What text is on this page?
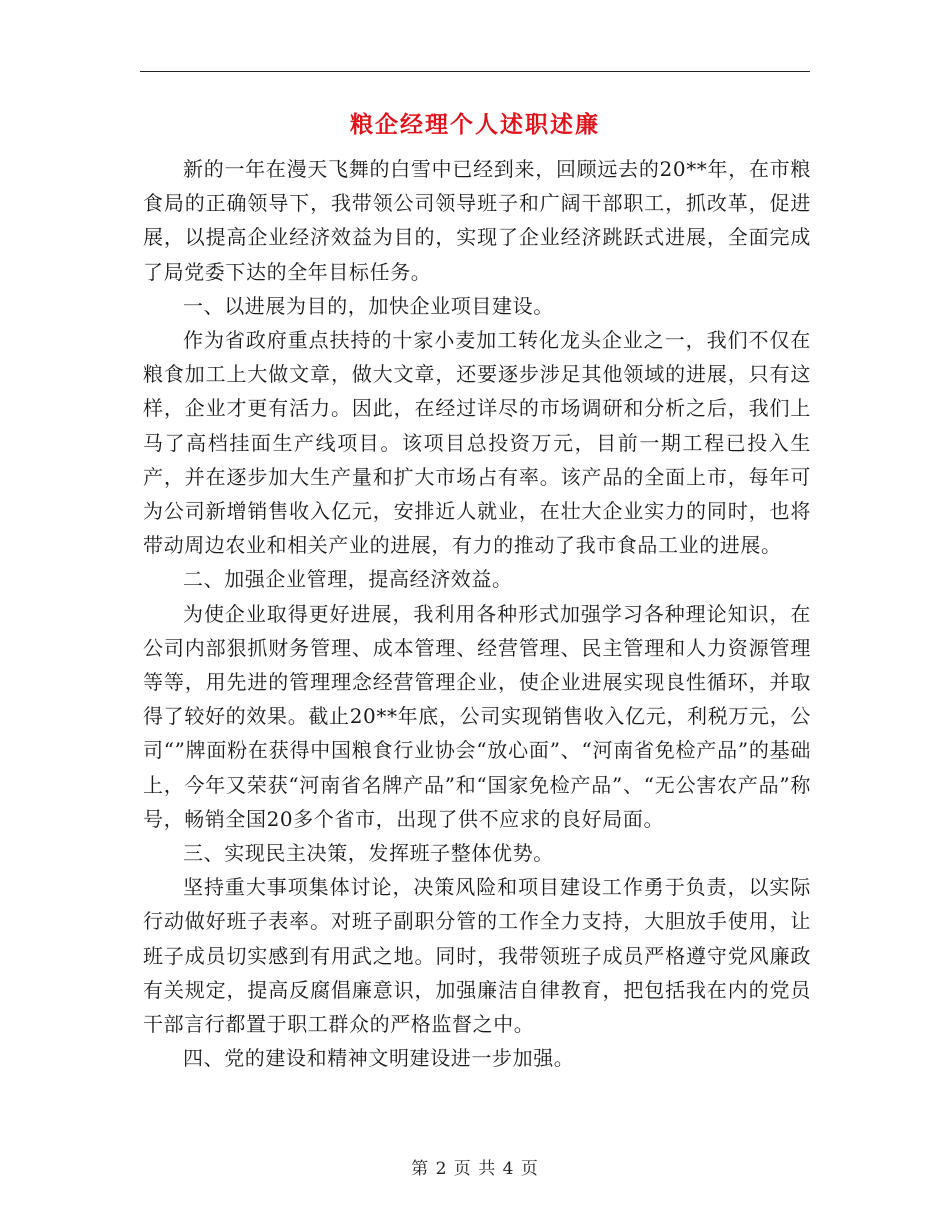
粮企经理个人述职述廉

新的一年在漫天飞舞的白雪中已经到来，回顾远去的20**年，在市粮食局的正确领导下，我带领公司领导班子和广阔干部职工，抓改革，促进展，以提高企业经济效益为目的，实现了企业经济跳跃式进展，全面完成了局党委下达的全年目标任务。

一、以进展为目的，加快企业项目建设。

作为省政府重点扶持的十家小麦加工转化龙头企业之一，我们不仅在粮食加工上大做文章，做大文章，还要逐步涉足其他领域的进展，只有这样，企业才更有活力。因此，在经过详尽的市场调研和分析之后，我们上马了高档挂面生产线项目。该项目总投资万元，目前一期工程已投入生产，并在逐步加大生产量和扩大市场占有率。该产品的全面上市，每年可为公司新增销售收入亿元，安排近人就业，在壮大企业实力的同时，也将带动周边农业和相关产业的进展，有力的推动了我市食品工业的进展。

二、加强企业管理，提高经济效益。

为使企业取得更好进展，我利用各种形式加强学习各种理论知识，在公司内部狠抓财务管理、成本管理、经营管理、民主管理和人力资源管理等等，用先进的管理理念经营管理企业，使企业进展实现良性循环，并取得了较好的效果。截止20**年底，公司实现销售收入亿元，利税万元，公司“”牌面粉在获得中国粮食行业协会“放心面”、“河南省免检产品”的基础上，今年又荣获“河南省名牌产品”和“国家免检产品”、“无公害农产品”称号，畅销全国20多个省市，出现了供不应求的良好局面。

三、实现民主决策，发挥班子整体优势。

坚持重大事项集体讨论，决策风险和项目建设工作勇于负责，以实际行动做好班子表率。对班子副职分管的工作全力支持，大胆放手使用，让班子成员切实感到有用武之地。同时，我带领班子成员严格遵守党风廉政有关规定，提高反腐倡廉意识，加强廉洁自律教育，把包括我在内的党员干部言行都置于职工群众的严格监督之中。

四、党的建设和精神文明建设进一步加强。

第 2 页 共 4 页
